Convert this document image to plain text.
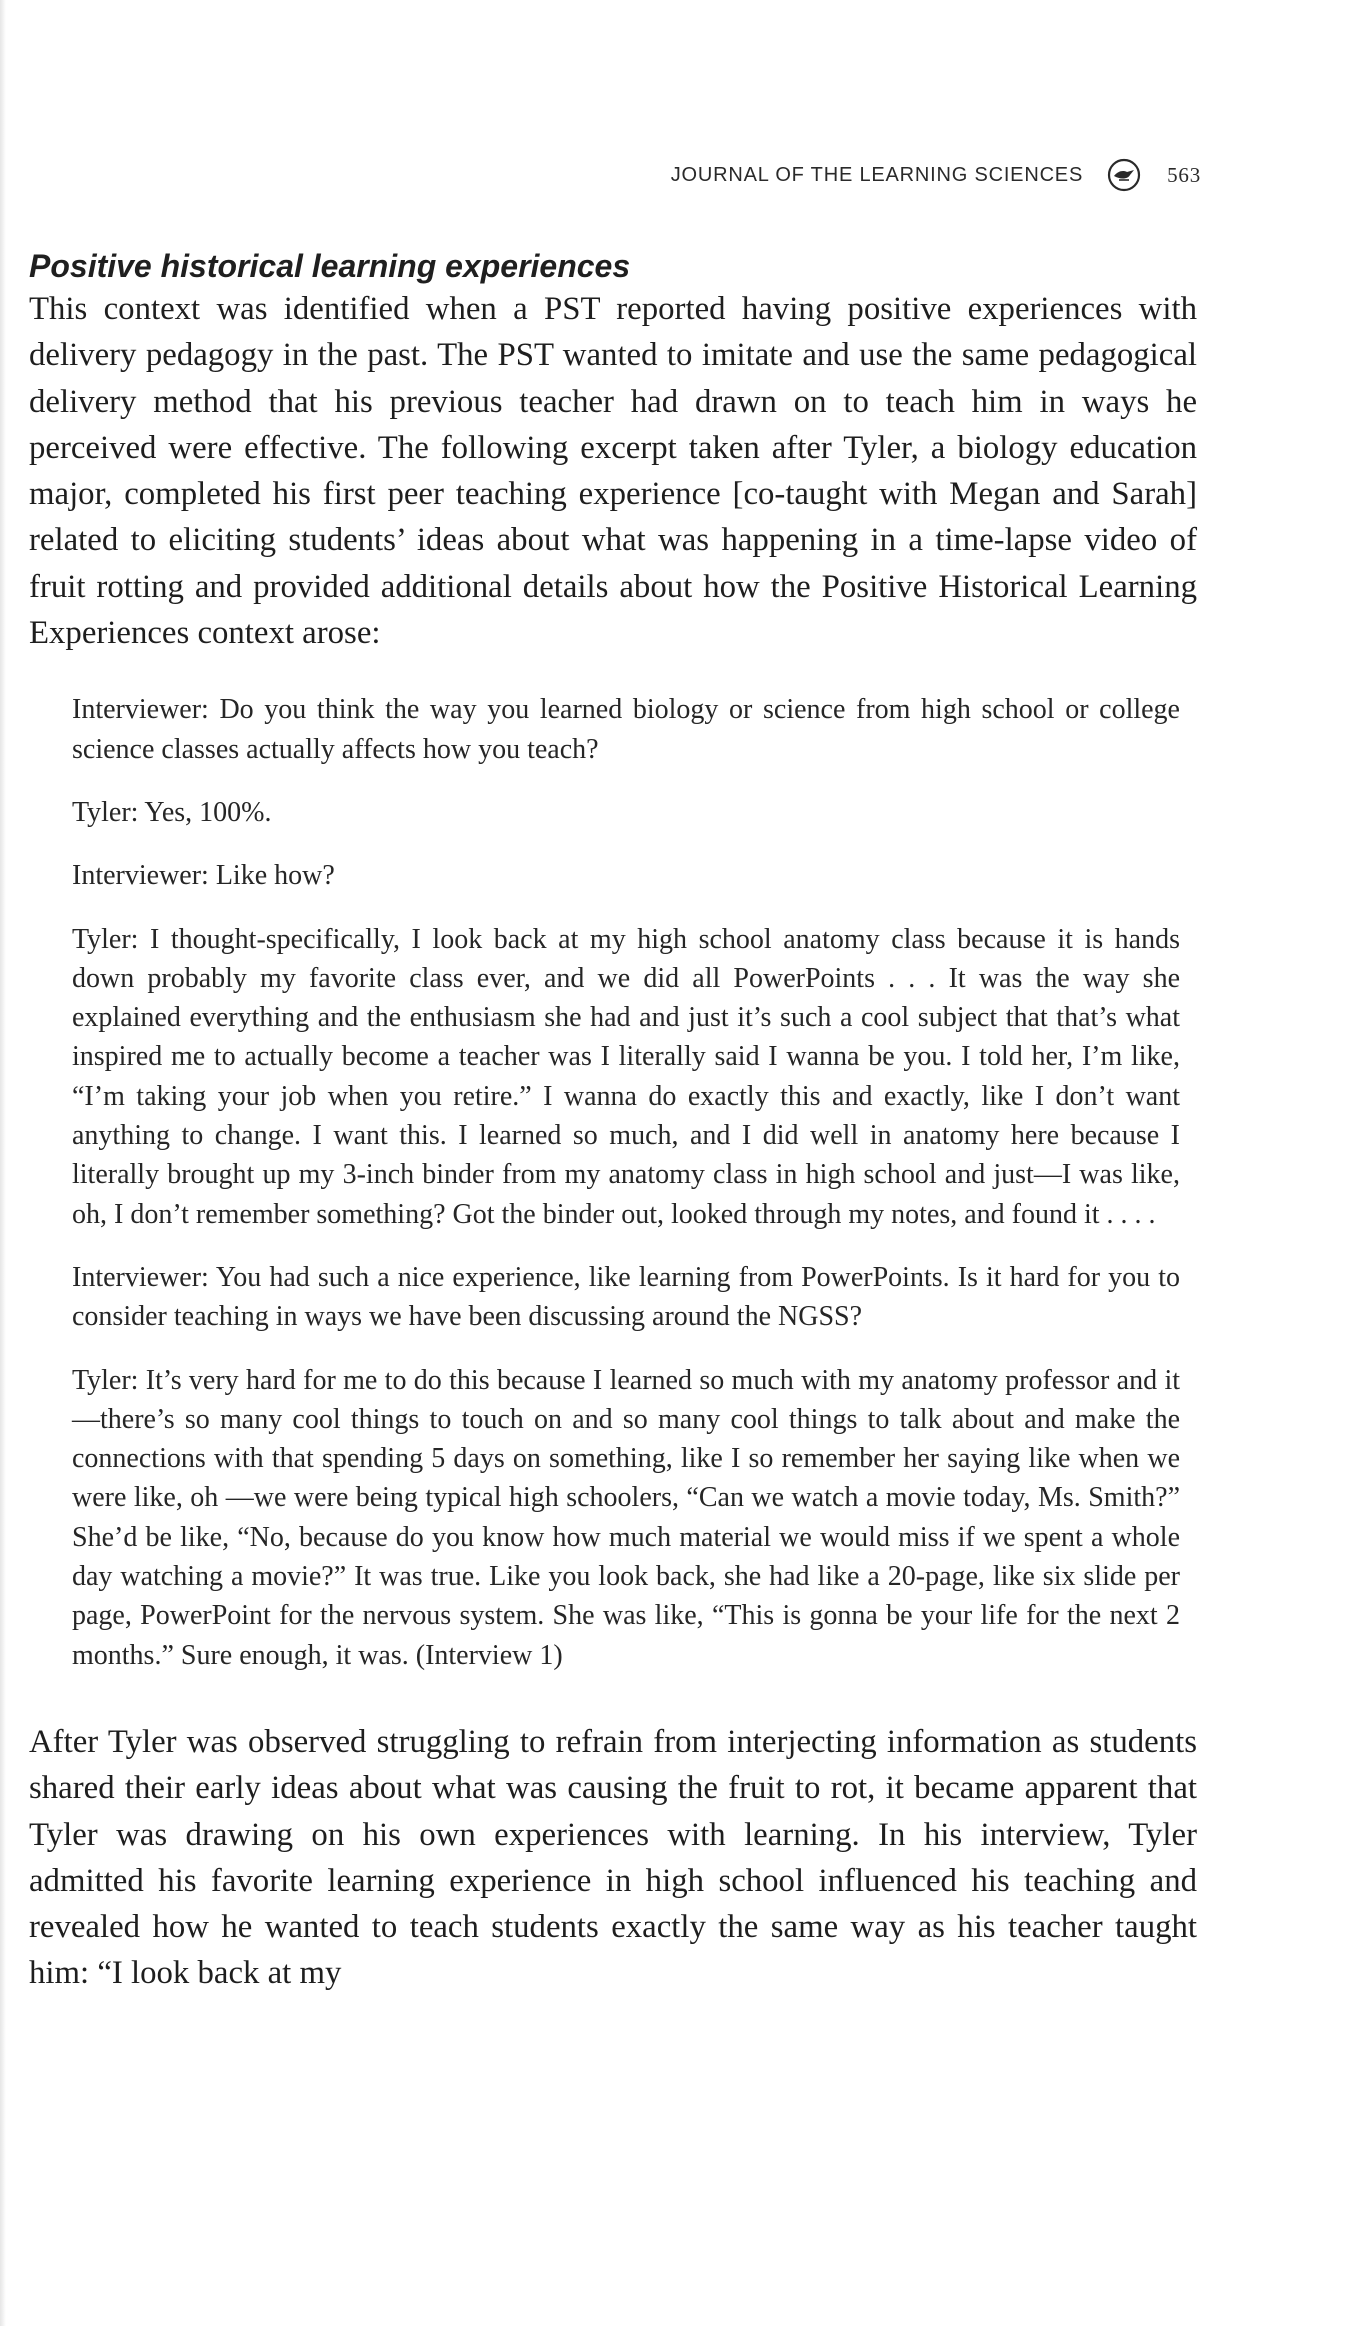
JOURNAL OF THE LEARNING SCIENCES	563
Positive historical learning experiences

This context was identified when a PST reported having positive experiences with delivery pedagogy in the past. The PST wanted to imitate and use the same pedagogical delivery method that his previous teacher had drawn on to teach him in ways he perceived were effective. The following excerpt taken after Tyler, a biology education major, completed his first peer teaching experience [co-taught with Megan and Sarah] related to eliciting students’ ideas about what was happening in a time-lapse video of fruit rotting and provided additional details about how the Positive Historical Learning Experiences context arose:

Interviewer: Do you think the way you learned biology or science from high school or college science classes actually affects how you teach?

Tyler: Yes, 100%.

Interviewer: Like how?

Tyler: I thought-specifically, I look back at my high school anatomy class because it is hands down probably my favorite class ever, and we did all PowerPoints . . . It was the way she explained everything and the enthusiasm she had and just it’s such a cool subject that that’s what inspired me to actually become a teacher was I literally said I wanna be you. I told her, I’m like, “I’m taking your job when you retire.” I wanna do exactly this and exactly, like I don’t want anything to change. I want this. I learned so much, and I did well in anatomy here because I literally brought up my 3-inch binder from my anatomy class in high school and just—I was like, oh, I don’t remember something? Got the binder out, looked through my notes, and found it . . . .

Interviewer: You had such a nice experience, like learning from PowerPoints. Is it hard for you to consider teaching in ways we have been discussing around the NGSS?

Tyler: It’s very hard for me to do this because I learned so much with my anatomy professor and it—there’s so many cool things to touch on and so many cool things to talk about and make the connections with that spending 5 days on something, like I so remember her saying like when we were like, oh —we were being typical high schoolers, “Can we watch a movie today, Ms. Smith?” She’d be like, “No, because do you know how much material we would miss if we spent a whole day watching a movie?” It was true. Like you look back, she had like a 20-page, like six slide per page, PowerPoint for the nervous system. She was like, “This is gonna be your life for the next 2 months.” Sure enough, it was. (Interview 1)

After Tyler was observed struggling to refrain from interjecting information as students shared their early ideas about what was causing the fruit to rot, it became apparent that Tyler was drawing on his own experiences with learning. In his interview, Tyler admitted his favorite learning experience in high school influenced his teaching and revealed how he wanted to teach students exactly the same way as his teacher taught him: “I look back at my
